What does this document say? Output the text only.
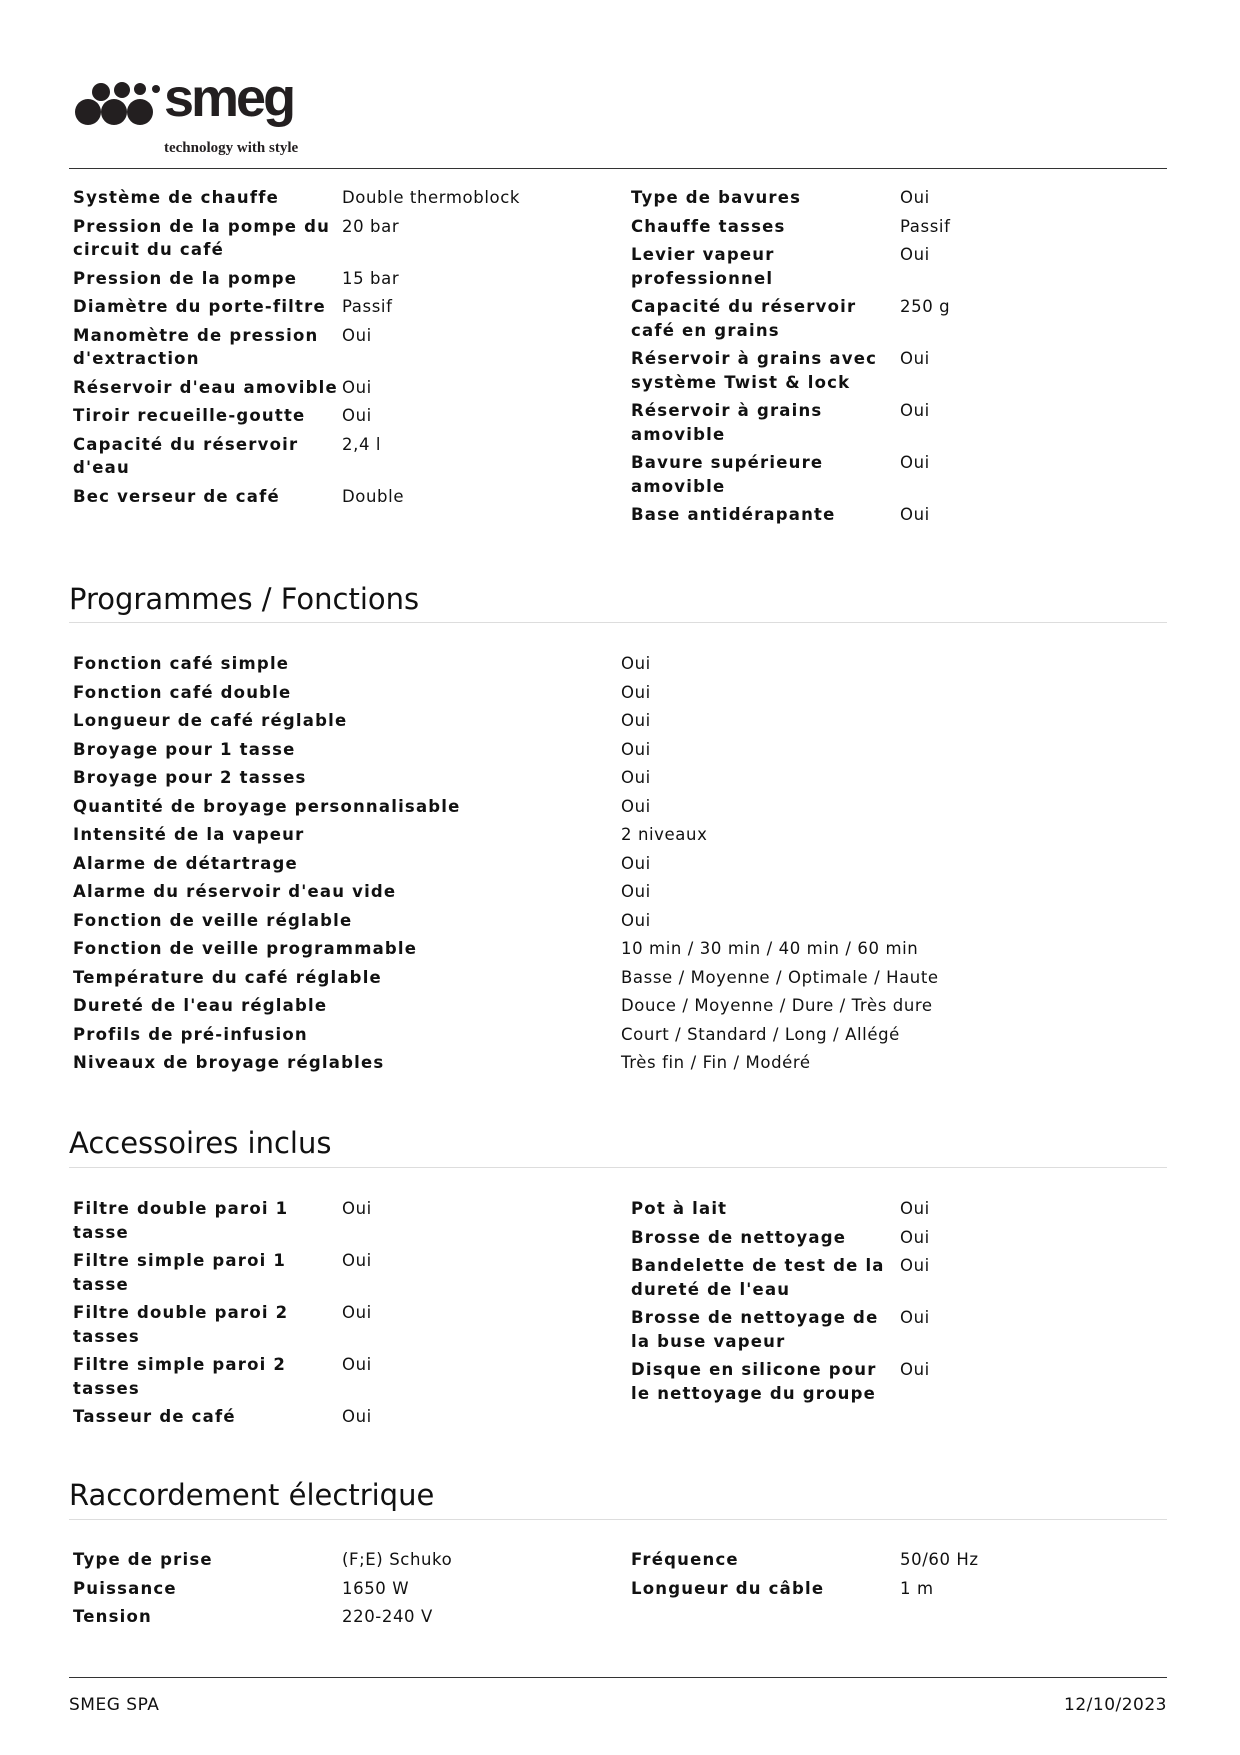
smeg
technology with style
Système de chauffe	Double thermoblock
Pression de la pompe du circuit du café	20 bar
Pression de la pompe	15 bar
Diamètre du porte-filtre	Passif
Manomètre de pression d'extraction	Oui
Réservoir d'eau amovible	Oui
Tiroir recueille-goutte	Oui
Capacité du réservoir d'eau	2,4 l
Bec verseur de café	Double
Type de bavures	Oui
Chauffe tasses	Passif
Levier vapeur professionnel	Oui
Capacité du réservoir café en grains	250 g
Réservoir à grains avec système Twist & lock	Oui
Réservoir à grains amovible	Oui
Bavure supérieure amovible	Oui
Base antidérapante	Oui
Programmes / Fonctions
Fonction café simple	Oui
Fonction café double	Oui
Longueur de café réglable	Oui
Broyage pour 1 tasse	Oui
Broyage pour 2 tasses	Oui
Quantité de broyage personnalisable	Oui
Intensité de la vapeur	2 niveaux
Alarme de détartrage	Oui
Alarme du réservoir d'eau vide	Oui
Fonction de veille réglable	Oui
Fonction de veille programmable	10 min / 30 min / 40 min / 60 min
Température du café réglable	Basse / Moyenne / Optimale / Haute
Dureté de l'eau réglable	Douce / Moyenne / Dure / Très dure
Profils de pré-infusion	Court / Standard / Long / Allégé
Niveaux de broyage réglables	Très fin / Fin / Modéré
Accessoires inclus
Filtre double paroi 1 tasse	Oui
Filtre simple paroi 1 tasse	Oui
Filtre double paroi 2 tasses	Oui
Filtre simple paroi 2 tasses	Oui
Tasseur de café	Oui
Pot à lait	Oui
Brosse de nettoyage	Oui
Bandelette de test de la dureté de l'eau	Oui
Brosse de nettoyage de la buse vapeur	Oui
Disque en silicone pour le nettoyage du groupe	Oui
Raccordement électrique
Type de prise	(F;E) Schuko
Puissance	1650 W
Tension	220-240 V
Fréquence	50/60 Hz
Longueur du câble	1 m
SMEG SPA	12/10/2023
